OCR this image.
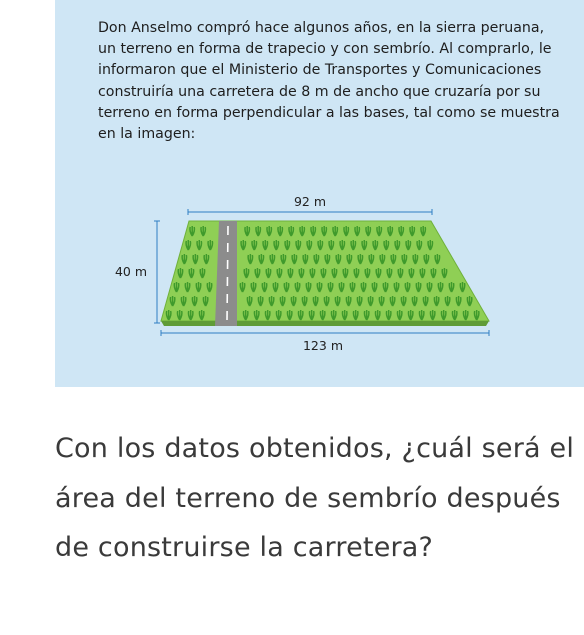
Don Anselmo compró hace algunos años, en la sierra peruana, un terreno en forma de trapecio y con sembrío. Al comprarlo, le informaron que el Ministerio de Transportes y Comunicaciones construiría una carretera de 8 m de ancho que cruzaría por su terreno en forma perpendicular a las bases, tal como se muestra en la imagen:

92 m
40 m
123 m

Con los datos obtenidos, ¿cuál será el área del terreno de sembrío después de construirse la carretera?
